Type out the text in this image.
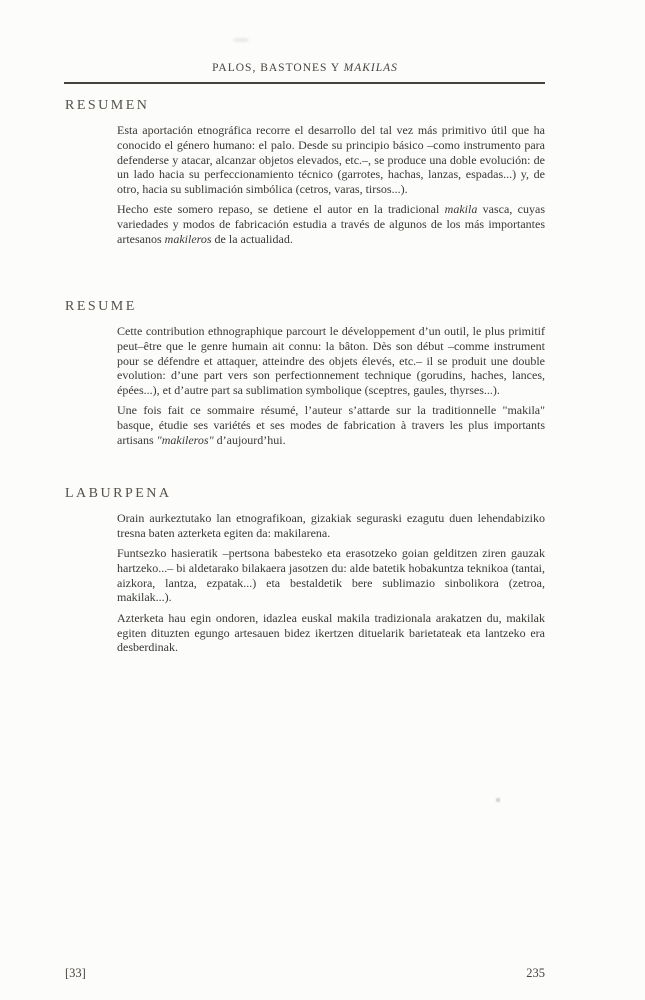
PALOS, BASTONES Y MAKILAS
RESUMEN

Esta aportación etnográfica recorre el desarrollo del tal vez más primitivo útil que ha conocido el género humano: el palo. Desde su principio básico –como instrumento para defenderse y atacar, alcanzar objetos elevados, etc.–, se produce una doble evolución: de un lado hacia su perfeccionamiento técnico (garrotes, hachas, lanzas, espadas...) y, de otro, hacia su sublimación simbólica (cetros, varas, tirsos...).

Hecho este somero repaso, se detiene el autor en la tradicional makila vasca, cuyas variedades y modos de fabricación estudia a través de algunos de los más importantes artesanos makileros de la actualidad.

RESUME

Cette contribution ethnographique parcourt le développement d’un outil, le plus primitif peut–être que le genre humain ait connu: la bâton. Dès son début –comme instrument pour se défendre et attaquer, atteindre des objets élevés, etc.– il se produit une double evolution: d’une part vers son perfectionnement technique (gorudins, haches, lances, épées...), et d’autre part sa sublimation symbolique (sceptres, gaules, thyrses...).

Une fois fait ce sommaire résumé, l’auteur s’attarde sur la traditionnelle "makila" basque, étudie ses variétés et ses modes de fabrication à travers les plus importants artisans "makileros" d’aujourd’hui.

LABURPENA

Orain aurkeztutako lan etnografikoan, gizakiak seguraski ezagutu duen lehendabiziko tresna baten azterketa egiten da: makilarena.

Funtsezko hasieratik –pertsona babesteko eta erasotzeko goian gelditzen ziren gauzak hartzeko...– bi aldetarako bilakaera jasotzen du: alde batetik hobakuntza teknikoa (tantai, aizkora, lantza, ezpatak...) eta bestaldetik bere sublimazio sinbolikora (zetroa, makilak...).

Azterketa hau egin ondoren, idazlea euskal makila tradizionala arakatzen du, makilak egiten dituzten egungo artesauen bidez ikertzen dituelarik barietateak eta lantzeko era desberdinak.

[33]	235
